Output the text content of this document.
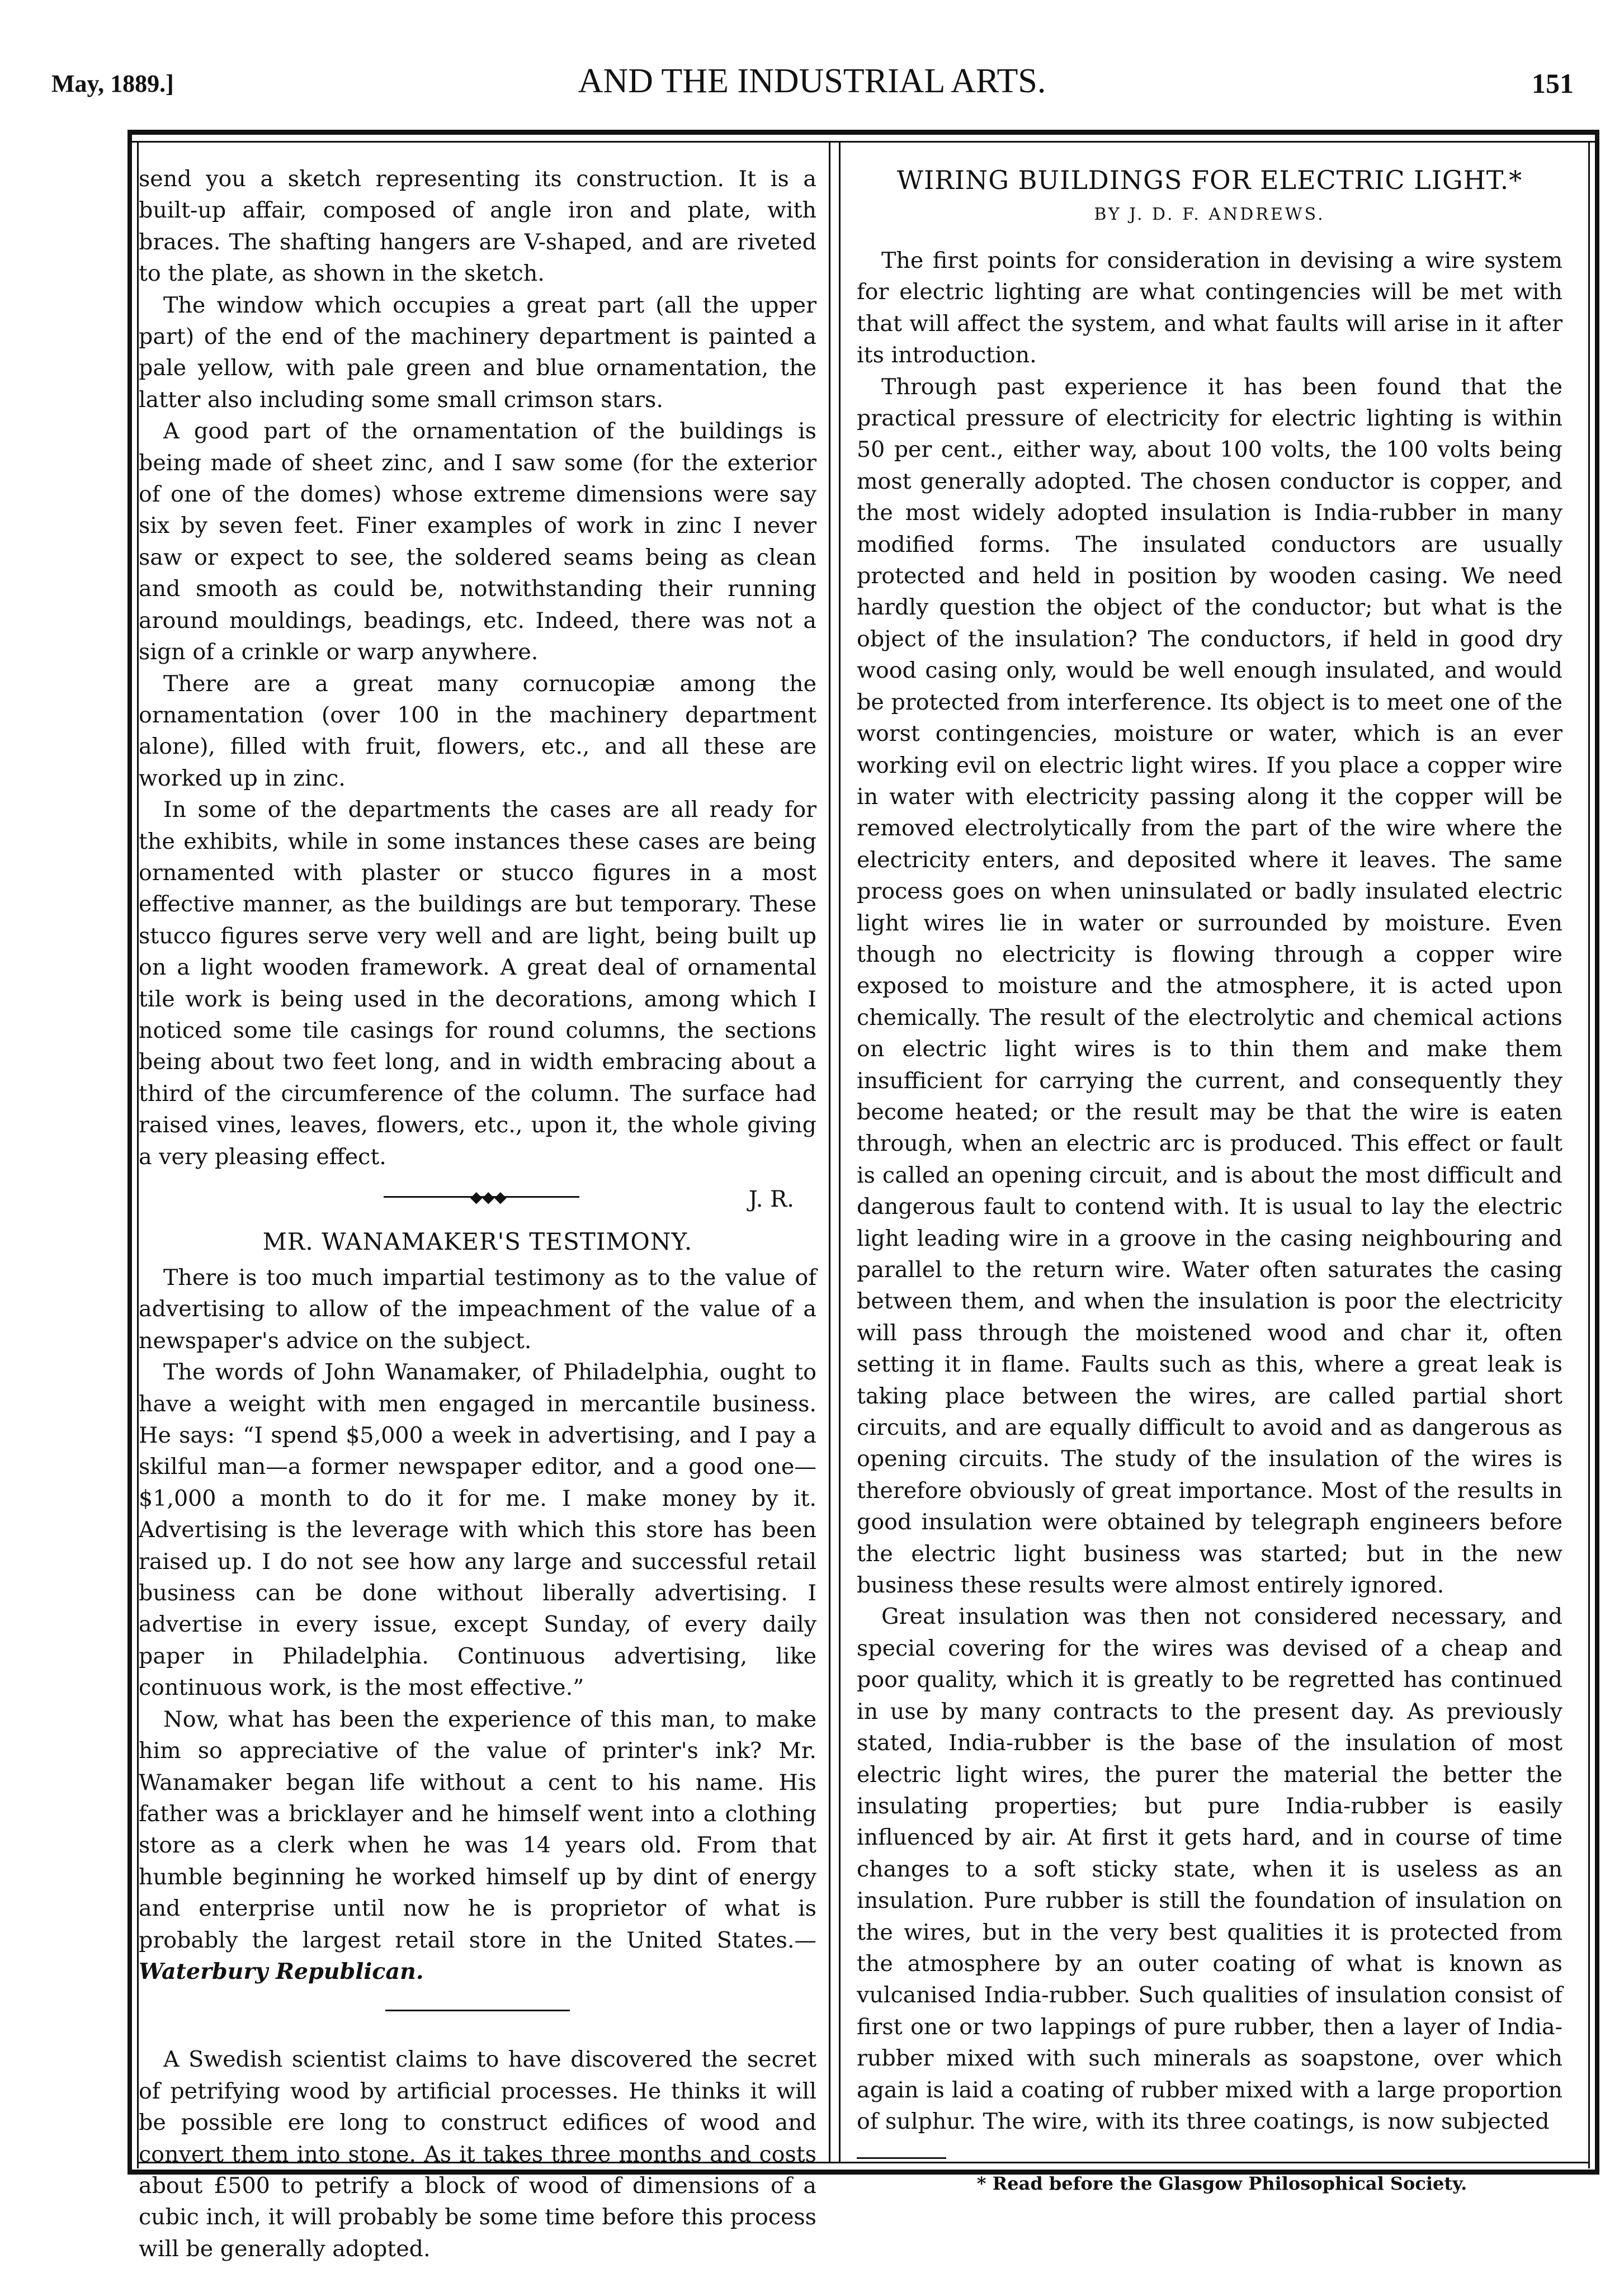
May, 1889.]	AND THE INDUSTRIAL ARTS.	151

send you a sketch representing its construction. It is a built-up affair, composed of angle iron and plate, with braces. The shafting hangers are V-shaped, and are riveted to the plate, as shown in the sketch.

The window which occupies a great part (all the upper part) of the end of the machinery department is painted a pale yellow, with pale green and blue ornamentation, the latter also including some small crimson stars.

A good part of the ornamentation of the buildings is being made of sheet zinc, and I saw some (for the exterior of one of the domes) whose extreme dimensions were say six by seven feet. Finer examples of work in zinc I never saw or expect to see, the soldered seams being as clean and smooth as could be, notwithstanding their running around mouldings, beadings, etc. Indeed, there was not a sign of a crinkle or warp anywhere.

There are a great many cornucopiæ among the ornamentation (over 100 in the machinery department alone), filled with fruit, flowers, etc., and all these are worked up in zinc.

In some of the departments the cases are all ready for the exhibits, while in some instances these cases are being ornamented with plaster or stucco figures in a most effective manner, as the buildings are but temporary. These stucco figures serve very well and are light, being built up on a light wooden framework. A great deal of ornamental tile work is being used in the decorations, among which I noticed some tile casings for round columns, the sections being about two feet long, and in width embracing about a third of the circumference of the column. The surface had raised vines, leaves, flowers, etc., upon it, the whole giving a very pleasing effect.

◆◆◆	J. R.
MR. WANAMAKER'S TESTIMONY.

There is too much impartial testimony as to the value of advertising to allow of the impeachment of the value of a newspaper's advice on the subject.

The words of John Wanamaker, of Philadelphia, ought to have a weight with men engaged in mercantile business. He says: “I spend $5,000 a week in advertising, and I pay a skilful man—a former newspaper editor, and a good one—$1,000 a month to do it for me. I make money by it. Advertising is the leverage with which this store has been raised up. I do not see how any large and successful retail business can be done without liberally advertising. I advertise in every issue, except Sunday, of every daily paper in Philadelphia. Continuous advertising, like continuous work, is the most effective.”

Now, what has been the experience of this man, to make him so appreciative of the value of printer's ink? Mr. Wanamaker began life without a cent to his name. His father was a bricklayer and he himself went into a clothing store as a clerk when he was 14 years old. From that humble beginning he worked himself up by dint of energy and enterprise until now he is proprietor of what is probably the largest retail store in the United States.—Waterbury Republican.

A Swedish scientist claims to have discovered the secret of petrifying wood by artificial processes. He thinks it will be possible ere long to construct edifices of wood and convert them into stone. As it takes three months and costs about £500 to petrify a block of wood of dimensions of a cubic inch, it will probably be some time before this process will be generally adopted.

WIRING BUILDINGS FOR ELECTRIC LIGHT.*
BY J. D. F. ANDREWS.

The first points for consideration in devising a wire system for electric lighting are what contingencies will be met with that will affect the system, and what faults will arise in it after its introduction.

Through past experience it has been found that the practical pressure of electricity for electric lighting is within 50 per cent., either way, about 100 volts, the 100 volts being most generally adopted. The chosen conductor is copper, and the most widely adopted insulation is India-rubber in many modified forms. The insulated conductors are usually protected and held in position by wooden casing. We need hardly question the object of the conductor; but what is the object of the insulation? The conductors, if held in good dry wood casing only, would be well enough insulated, and would be protected from interference. Its object is to meet one of the worst contingencies, moisture or water, which is an ever working evil on electric light wires. If you place a copper wire in water with electricity passing along it the copper will be removed electrolytically from the part of the wire where the electricity enters, and deposited where it leaves. The same process goes on when uninsulated or badly insulated electric light wires lie in water or surrounded by moisture. Even though no electricity is flowing through a copper wire exposed to moisture and the atmosphere, it is acted upon chemically. The result of the electrolytic and chemical actions on electric light wires is to thin them and make them insufficient for carrying the current, and consequently they become heated; or the result may be that the wire is eaten through, when an electric arc is produced. This effect or fault is called an opening circuit, and is about the most difficult and dangerous fault to contend with. It is usual to lay the electric light leading wire in a groove in the casing neighbouring and parallel to the return wire. Water often saturates the casing between them, and when the insulation is poor the electricity will pass through the moistened wood and char it, often setting it in flame. Faults such as this, where a great leak is taking place between the wires, are called partial short circuits, and are equally difficult to avoid and as dangerous as opening circuits. The study of the insulation of the wires is therefore obviously of great importance. Most of the results in good insulation were obtained by telegraph engineers before the electric light business was started; but in the new business these results were almost entirely ignored.

Great insulation was then not considered necessary, and special covering for the wires was devised of a cheap and poor quality, which it is greatly to be regretted has continued in use by many contracts to the present day. As previously stated, India-rubber is the base of the insulation of most electric light wires, the purer the material the better the insulating properties; but pure India-rubber is easily influenced by air. At first it gets hard, and in course of time changes to a soft sticky state, when it is useless as an insulation. Pure rubber is still the foundation of insulation on the wires, but in the very best qualities it is protected from the atmosphere by an outer coating of what is known as vulcanised India-rubber. Such qualities of insulation consist of first one or two lappings of pure rubber, then a layer of India-rubber mixed with such minerals as soapstone, over which again is laid a coating of rubber mixed with a large proportion of sulphur. The wire, with its three coatings, is now subjected

* Read before the Glasgow Philosophical Society.
